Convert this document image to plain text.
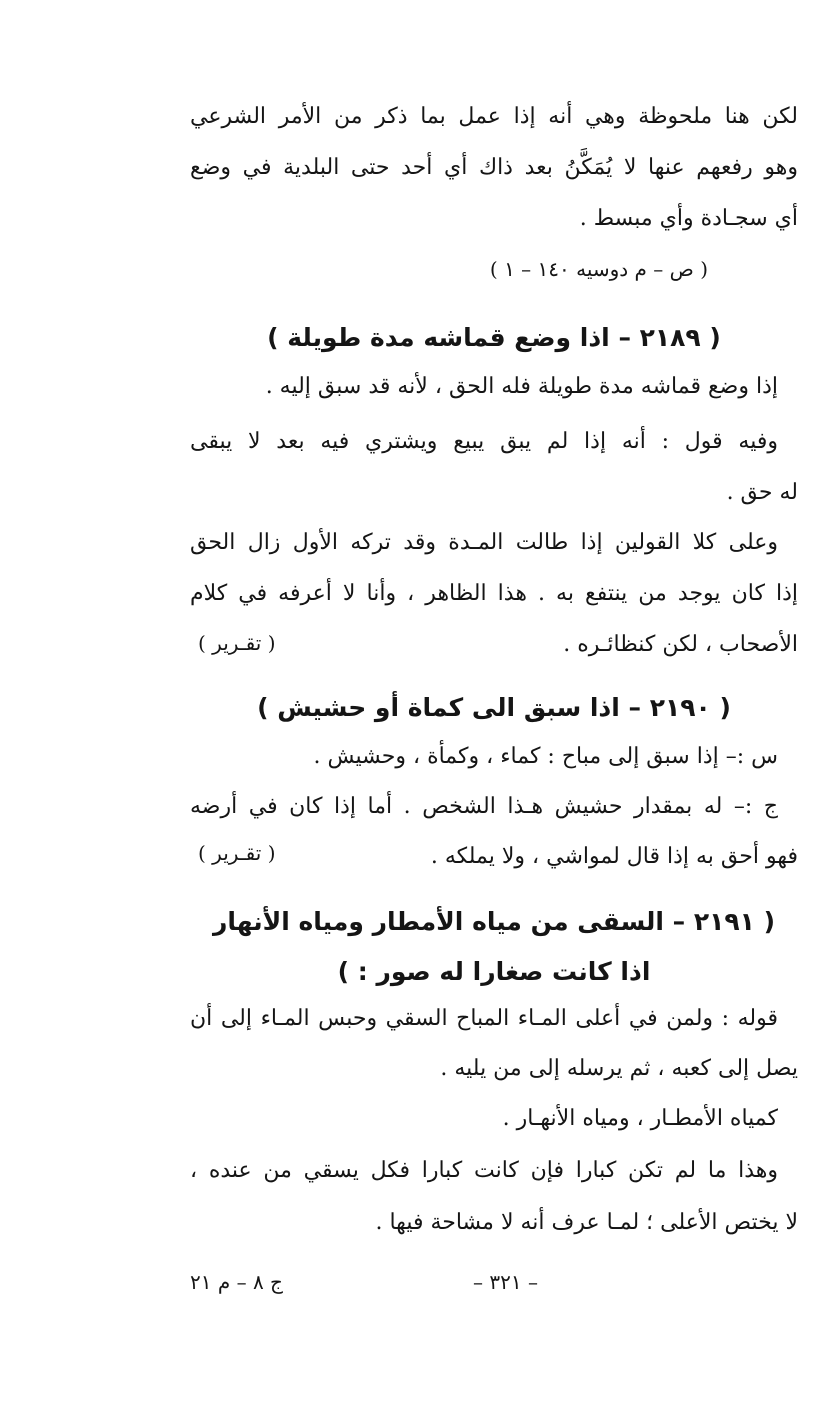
لكن هنا ملحوظة وهي أنه إذا عمل بما ذكر من الأمر الشرعي
وهو رفعهم عنها لا يُمَكَّنُ بعد ذاك أي أحد حتى البلدية في وضع
أي سجـادة وأي مبسط .
( ص – م دوسيه ١٤٠ – ١ )
( ٢١٨٩ – اذا وضع قماشه مدة طويلة )
إذا وضع قماشه مدة طويلة فله الحق ، لأنه قد سبق إليه .
وفيه قول : أنه إذا لم يبق يبيع ويشتري فيه بعد لا يبقى
له حق .
وعلى كلا القولين إذا طالت المـدة وقد تركه الأول زال الحق
إذا كان يوجد من ينتفع به . هذا الظاهر ، وأنا لا أعرفه في كلام
الأصحاب ، لكن كنظائـره .
( تقـرير )
( ٢١٩٠ – اذا سبق الى كماة أو حشيش )
س :– إذا سبق إلى مباح : كماء ، وكمأة ، وحشيش .
ج :– له بمقدار حشيش هـذا الشخص . أما إذا كان في أرضه
فهو أحق به إذا قال لمواشي ، ولا يملكه .
( تقـرير )
( ٢١٩١ – السقى من مياه الأمطار ومياه الأنهار
اذا كانت صغارا له صور : )
قوله : ولمن في أعلى المـاء المباح السقي وحبس المـاء إلى أن
يصل إلى كعبه ، ثم يرسله إلى من يليه .
كمياه الأمطـار ، ومياه الأنهـار .
وهذا ما لم تكن كبارا فإن كانت كبارا فكل يسقي من عنده ،
لا يختص الأعلى ؛ لمـا عرف أنه لا مشاحة فيها .
– ٣٢١ –
ج ٨ – م ٢١
